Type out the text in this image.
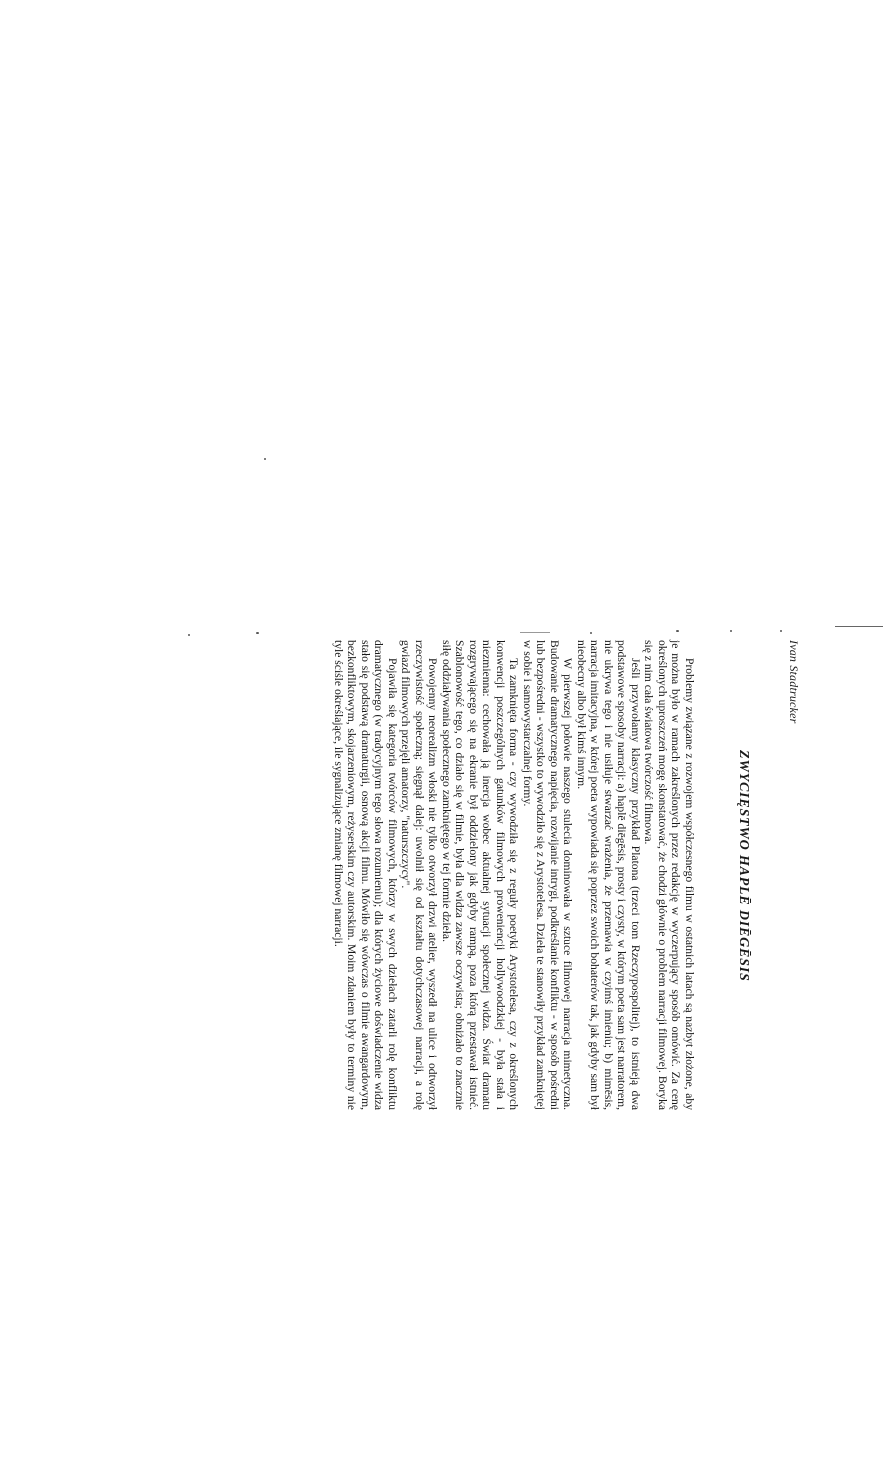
Ivan Stadtrucker
ZWYCIĘSTWO HAPLĒ DIĒGĒSIS

Problemy związane z rozwojem współczesnego filmu w ostatnich latach są nazbyt złożone, aby je można było w ramach zakreślonych przez redakcję w wyczerpujący sposób omówić. Za cenę określonych uproszczeń mogę skonstatować, że chodzi głównie o problem narracji filmowej. Boryka się z nim cała światowa twórczość filmowa.

Jeśli przywołamy klasyczny przykład Platona (trzeci tom Rzeczypospolitej), to istnieją dwa podstawowe sposoby narracji: a) haplē diēgēsis, prosty i czysty, w którym poeta sam jest narratorem, nie ukrywa tego i nie usiłuje stwarzać wrażenia, że przemawia w czyimś imieniu; b) mimēsis, narracja imitacyjna, w której poeta wypowiada się poprzez swoich bohaterów tak, jak gdyby sam był nieobecny albo był kimś innym.

W pierwszej połowie naszego stulecia dominowała w sztuce filmowej narracja mimetyczna. Budowanie dramatycznego napięcia, rozwijanie intrygi, podkreślanie konfliktu - w sposób pośredni lub bezpośredni - wszystko to wywodziło się z Arystotelesa. Dzieła te stanowiły przykład zamkniętej w sobie i samowystarczalnej formy.

Ta zamknięta forma - czy wywodziła się z reguły poetyki Arystotelesa, czy z określonych konwencji poszczególnych gatunków filmowych proweniencji hollywoodzkiej - była stała i niezmienna: cechowała ją inercja wobec aktualnej sytuacji społecznej widza. Świat dramatu rozgrywającego się na ekranie był oddzielony jak gdyby rampą, poza którą przestawał istnieć. Szablonowość tego, co działo się w filmie, była dla widza zawsze oczywista; obniżało to znacznie siłę oddziaływania społecznego zamkniętego w tej formie dzieła.

Powojenny neorealizm włoski nie tylko otworzył drzwi atelier, wyszedł na ulice i odtworzył rzeczywistość społeczną; sięgnął dalej: uwolnił się od kształtu dotychczasowej narracji, a rolę gwiazd filmowych przejęli amatorzy, "naturszczycy".

Pojawiła się kategoria twórców filmowych, którzy w swych dziełach zatarli rolę konfliktu dramatycznego (w tradycyjnym tego słowa rozumieniu); dla których życiowe doświadczenie widza stało się podstawą dramaturgii, osnową akcji filmu. Mówiło się wówczas o filmie awangardowym, bezkonfliktowym, skojarzeniowym, reżyserskim czy autorskim. Moim zdaniem były to terminy nie tyle ściśle określające, ile sygnalizujące zmianę filmowej narracji.
